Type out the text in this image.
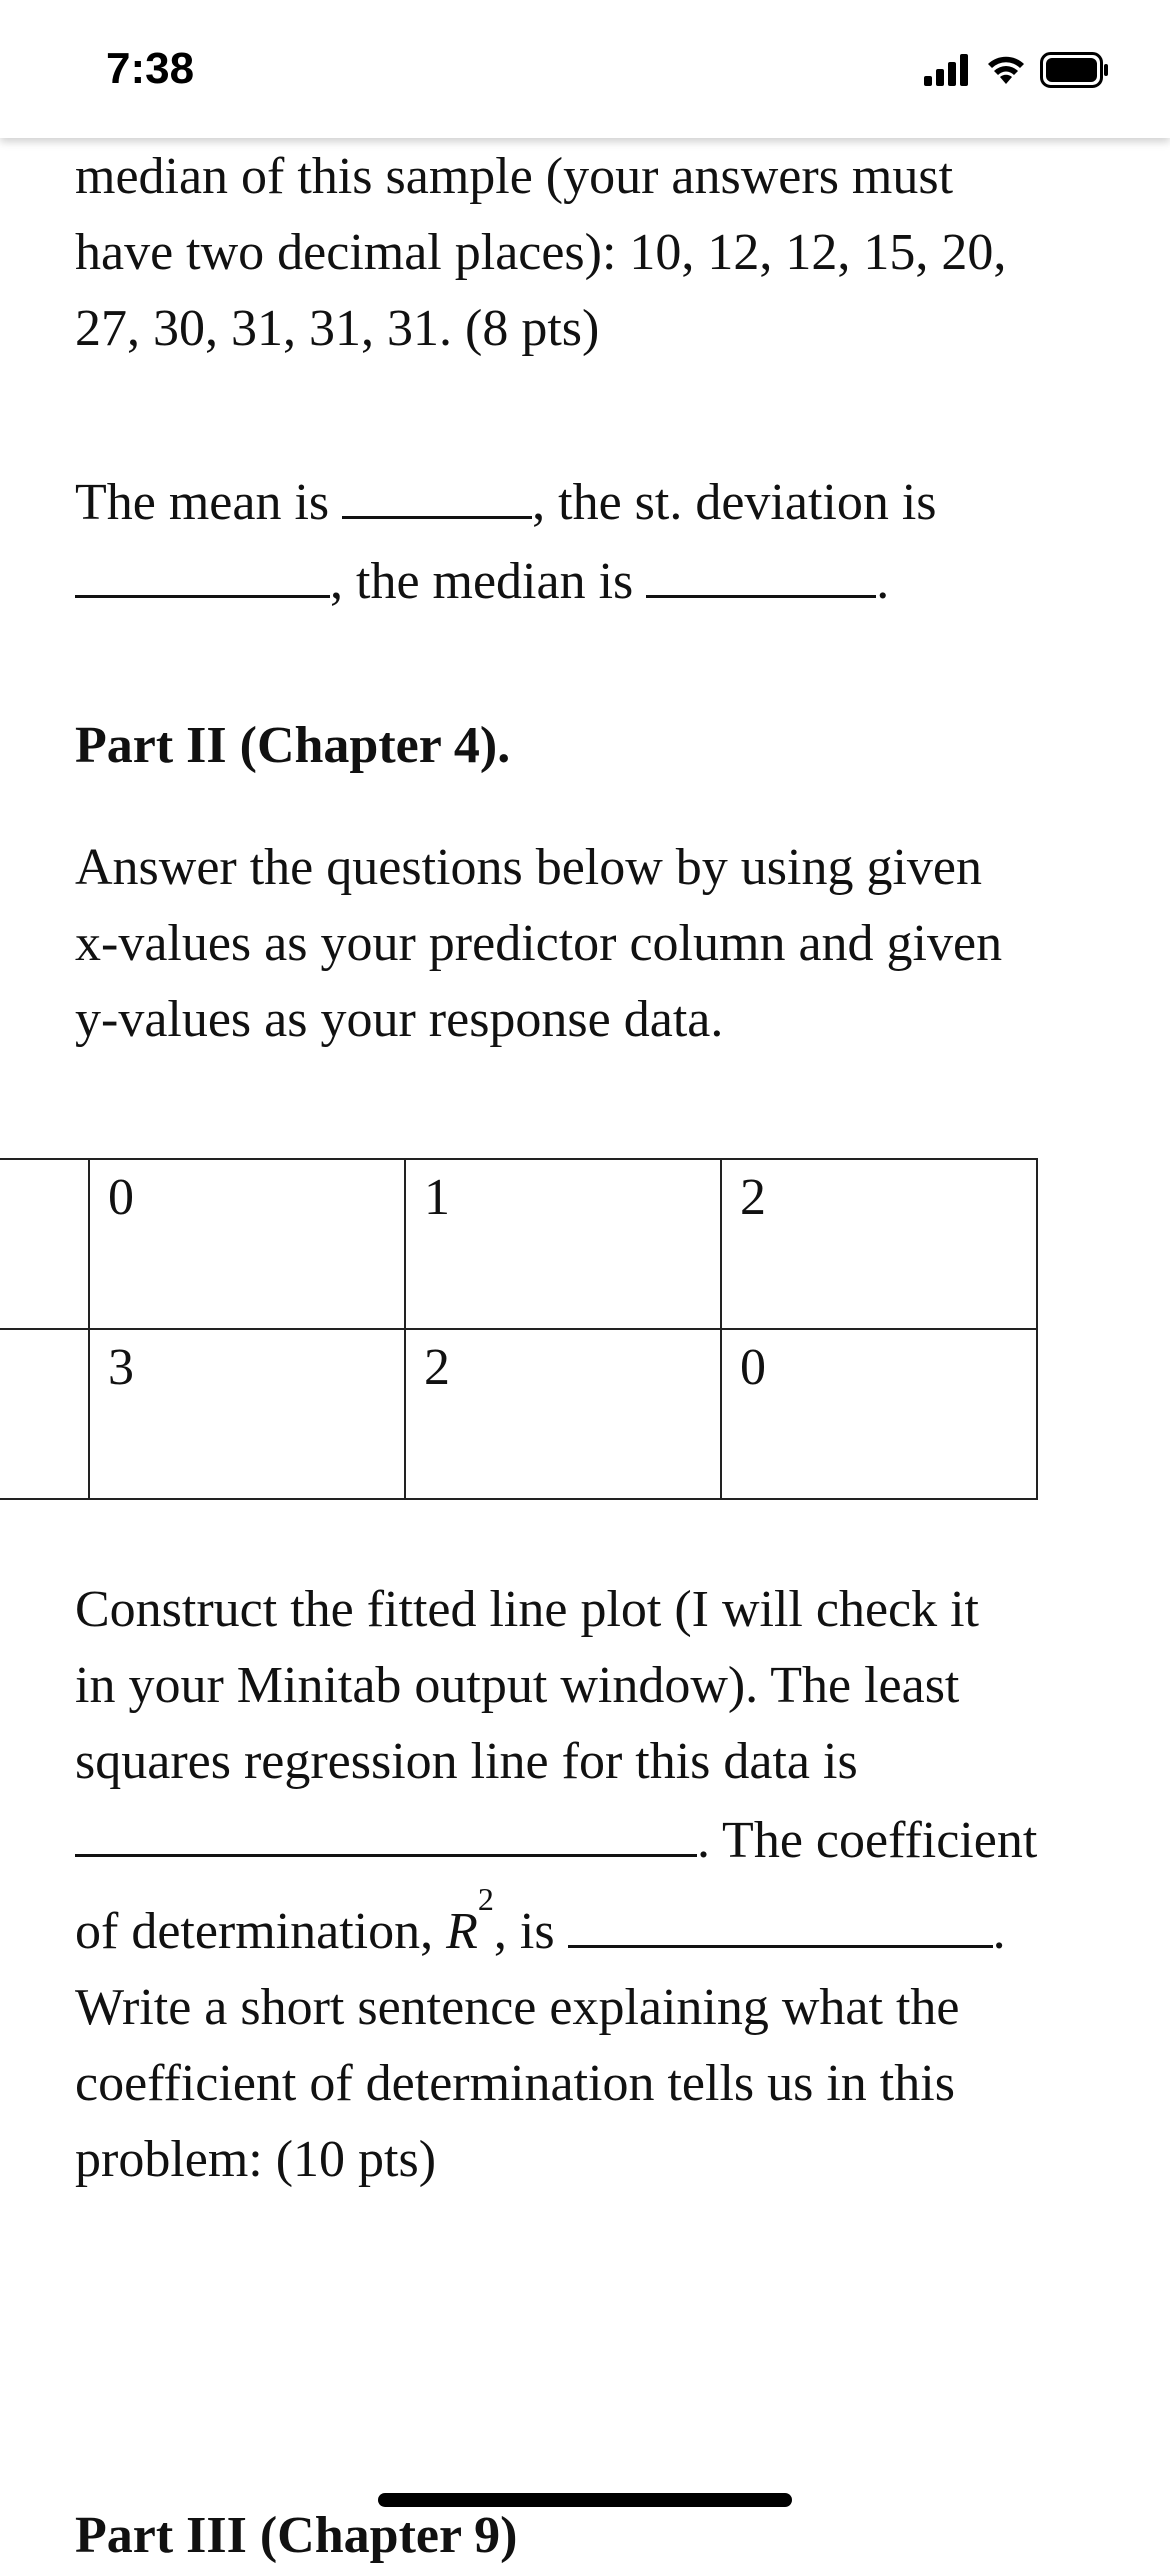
7:38
median of this sample (your answers must
have two decimal places): 10, 12, 12, 15, 20,
27, 30, 31, 31, 31. (8 pts)
The mean is	, the st. deviation is
, the median is	.
Part II (Chapter 4).
Answer the questions below by using given
x-values as your predictor column and given
y-values as your response data.
Construct the fitted line plot (I will check it
in your Minitab output window). The least
squares regression line for this data is
. The coefficient
of determination, $R^2$, is	.
Write a short sentence explaining what the
coefficient of determination tells us in this
problem: (10 pts)
	0	1	2
	3	2	0
Part III (Chapter 9)
